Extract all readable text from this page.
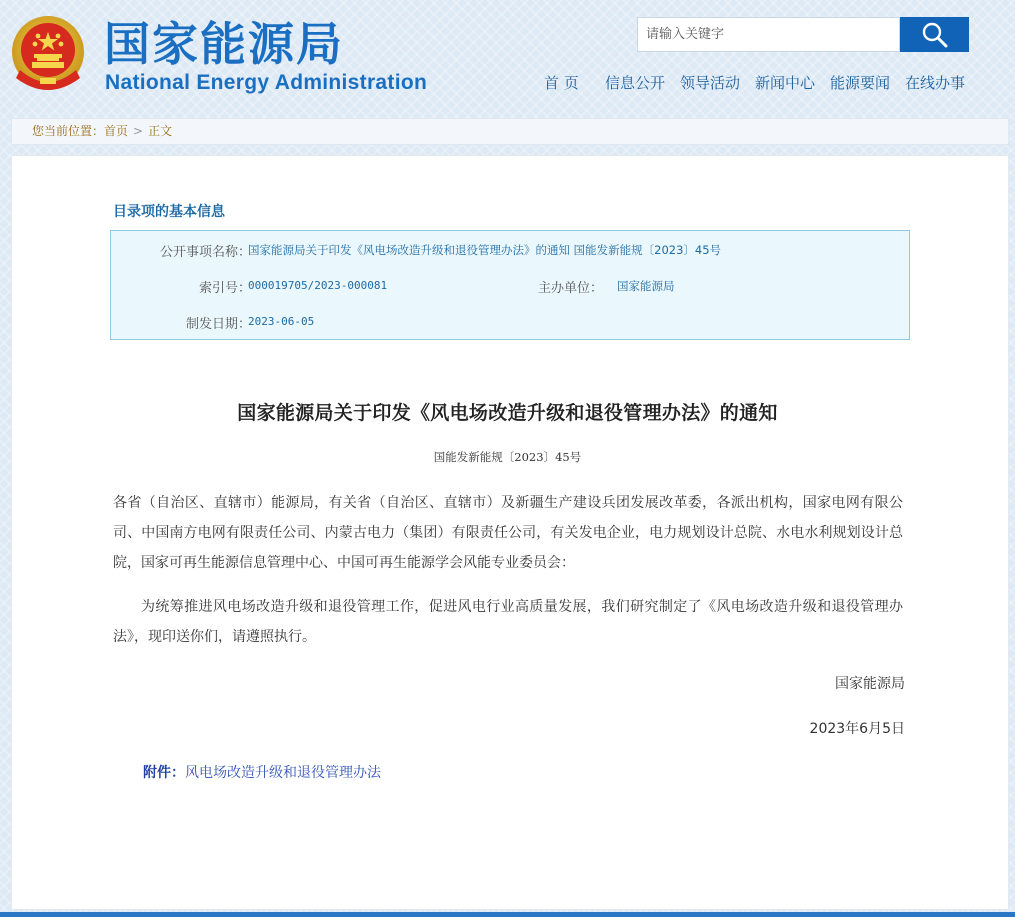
国家能源局
National Energy Administration
请输入关键字	首 页 信息公开 领导活动 新闻中心 能源要闻 在线办事
您当前位置：首页 > 正文
目录项的基本信息
公开事项名称：
国家能源局关于印发《风电场改造升级和退役管理办法》的通知 国能发新能规〔2023〕45号
索引号：
000019705/2023-000081	主办单位： 国家能源局
制发日期：
2023-06-05
国家能源局关于印发《风电场改造升级和退役管理办法》的通知
国能发新能规〔2023〕45号
各省（自治区、直辖市）能源局，有关省（自治区、直辖市）及新疆生产建设兵团发展改革委，各派出机构，国家电网有限公司、中国南方电网有限责任公司、内蒙古电力（集团）有限责任公司，有关发电企业，电力规划设计总院、水电水利规划设计总院，国家可再生能源信息管理中心、中国可再生能源学会风能专业委员会：
为统筹推进风电场改造升级和退役管理工作，促进风电行业高质量发展，我们研究制定了《风电场改造升级和退役管理办法》，现印送你们，请遵照执行。
国家能源局
2023年6月5日
附件：风电场改造升级和退役管理办法
